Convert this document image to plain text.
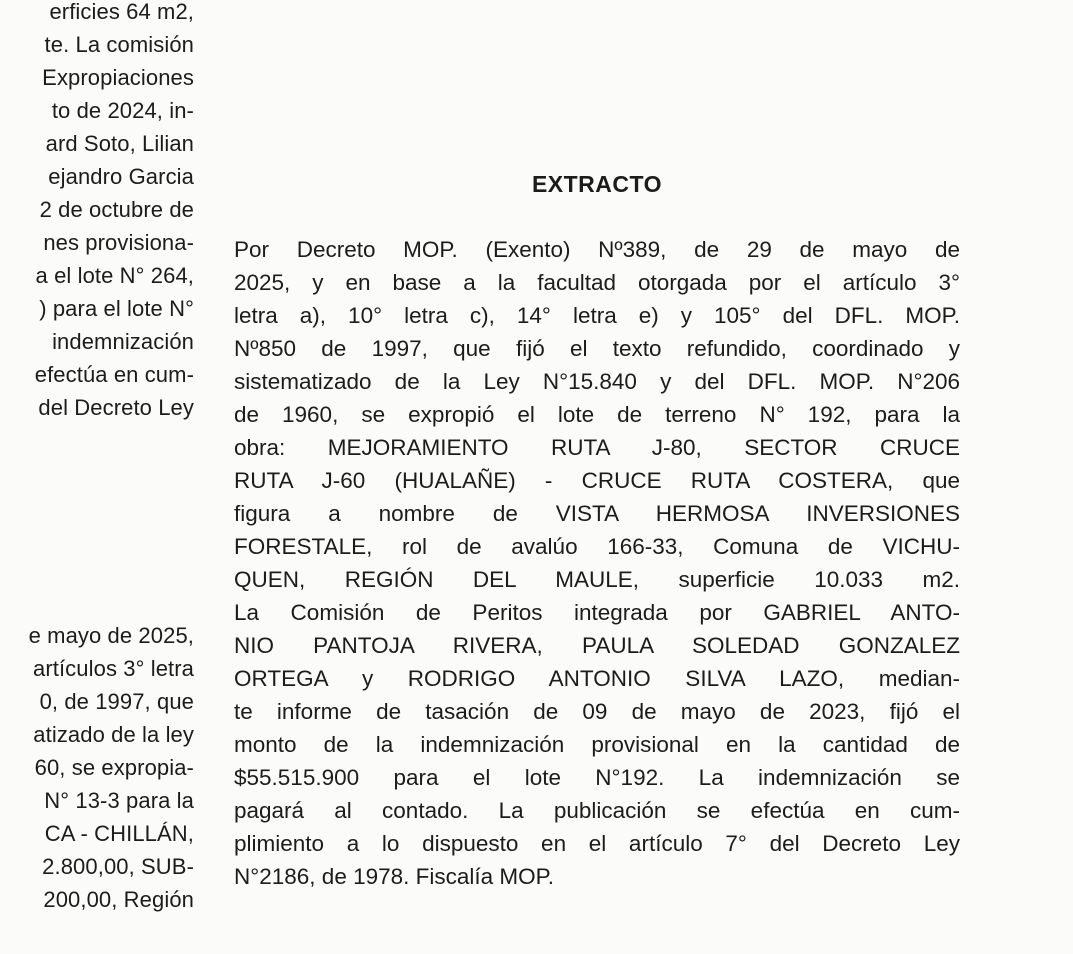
erficies 64 m2,
te. La comisión
Expropiaciones
to de 2024, in-
ard Soto, Lilian
ejandro Garcia
2 de octubre de
nes provisiona-
a el lote N° 264,
) para el lote N°
indemnización
efectúa en cum-
del Decreto Ley
e mayo de 2025,
artículos 3° letra
0, de 1997, que
atizado de la ley
60, se expropia-
N° 13-3 para la
CA - CHILLÁN,
2.800,00, SUB-
200,00, Región
EXTRACTO
Por Decreto MOP. (Exento) Nº389, de 29 de mayo de
2025, y en base a la facultad otorgada por el artículo 3°
letra a), 10° letra c), 14° letra e) y 105° del DFL. MOP.
Nº850 de 1997, que fijó el texto refundido, coordinado y
sistematizado de la Ley N°15.840 y del DFL. MOP. N°206
de 1960, se expropió el lote de terreno N° 192, para la
obra: MEJORAMIENTO RUTA J-80, SECTOR CRUCE
RUTA J-60 (HUALAÑE) - CRUCE RUTA COSTERA, que
figura a nombre de VISTA HERMOSA INVERSIONES
FORESTALE, rol de avalúo 166-33, Comuna de VICHU-
QUEN, REGIÓN DEL MAULE, superficie 10.033 m2.
La Comisión de Peritos integrada por GABRIEL ANTO-
NIO PANTOJA RIVERA, PAULA SOLEDAD GONZALEZ
ORTEGA y RODRIGO ANTONIO SILVA LAZO, median-
te informe de tasación de 09 de mayo de 2023, fijó el
monto de la indemnización provisional en la cantidad de
$55.515.900 para el lote N°192. La indemnización se
pagará al contado. La publicación se efectúa en cum-
plimiento a lo dispuesto en el artículo 7° del Decreto Ley
N°2186, de 1978. Fiscalía MOP.
